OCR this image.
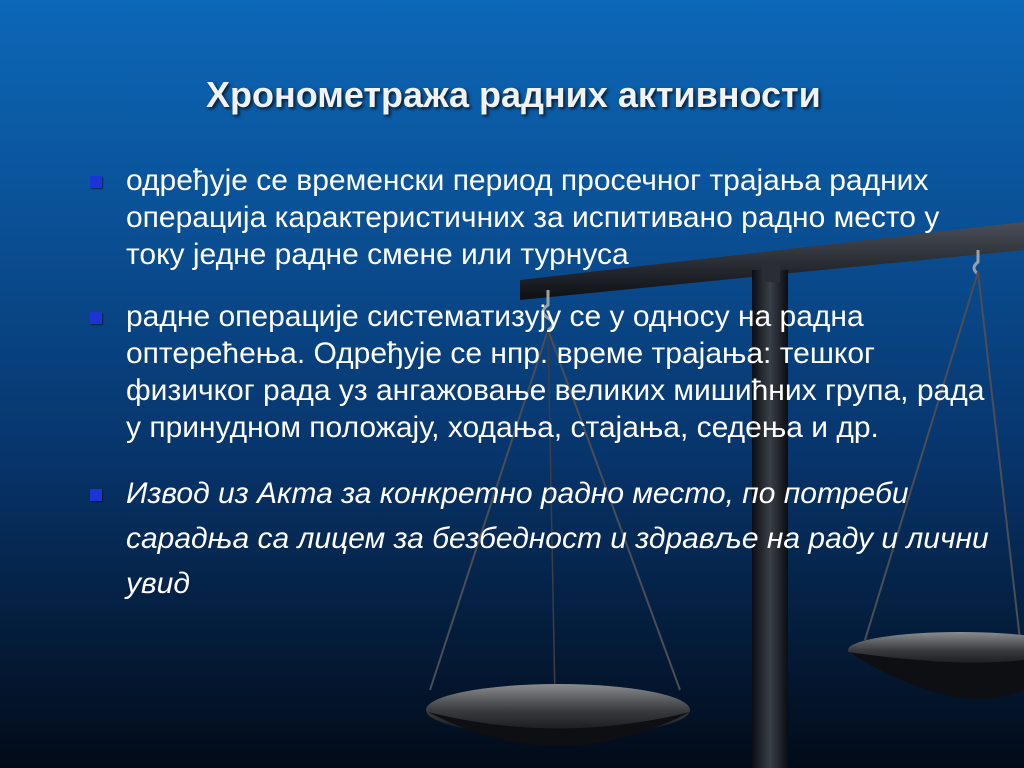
Хронометража радних активности
одређује се временски период просечног трајања радних операција карактеристичних за испитивано радно место у току једне радне смене или турнуса
радне операције систематизују се у односу на радна оптерећења. Одређује се нпр. време трајања: тешког физичког рада уз ангажовање великих мишићних група, рада у принудном положају, ходања, стајања, седења и др.
Извод из Акта за конкретно радно место, по потреби сарадња са лицем за безбедност и здравље на раду и лични увид
